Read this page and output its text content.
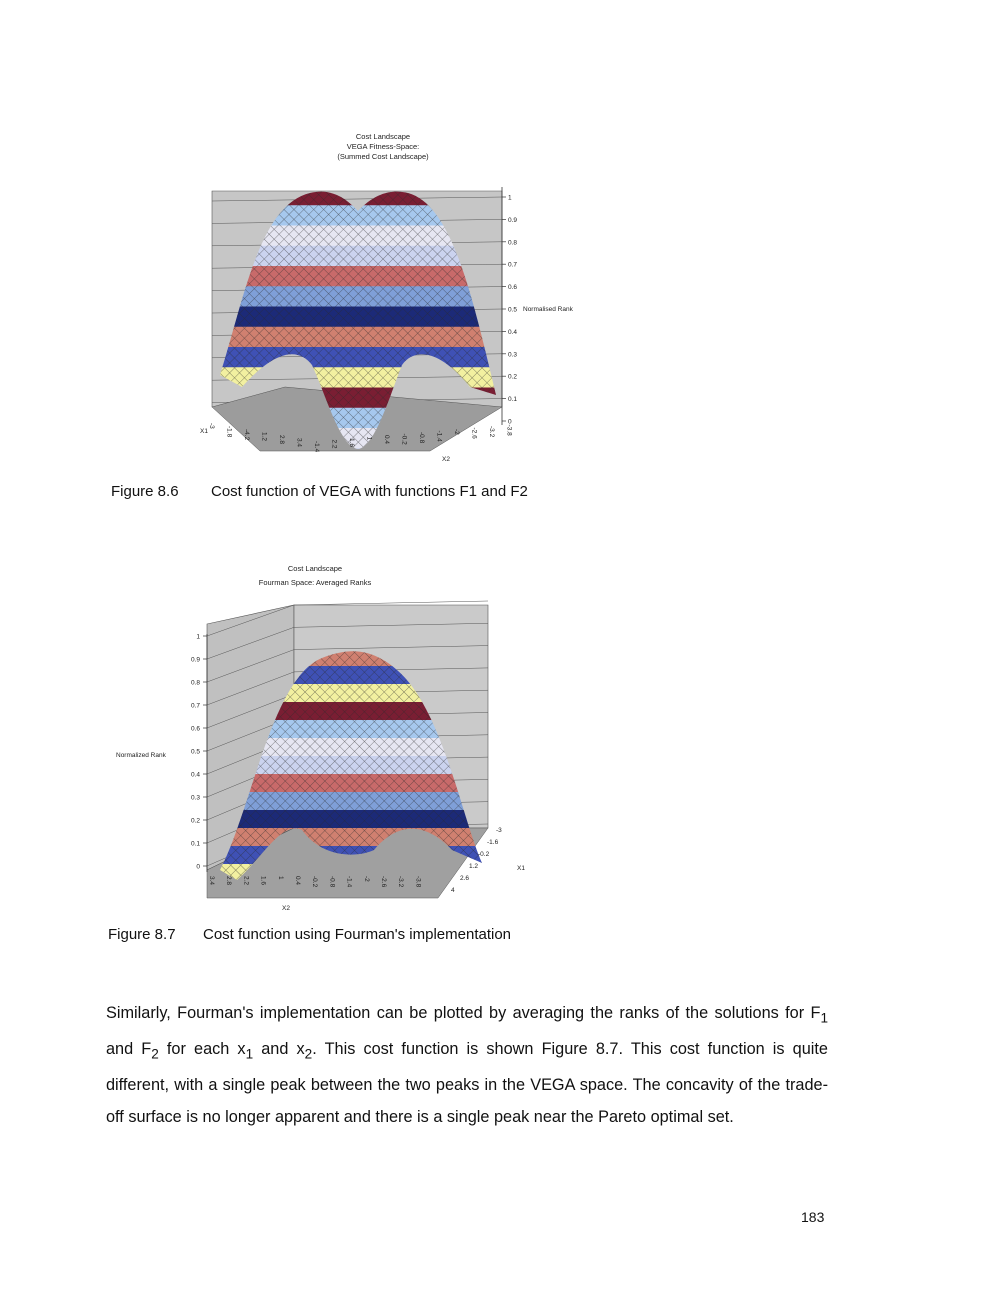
Cost Landscape
VEGA Fitness-Space:
(Summed Cost Landscape)
1
0.9
0.8
0.7
0.6
0.5
0.4
0.3
0.2
0.1
0
Normalised Rank
-3
-1.8 -4.2 1.2 2.8 3.4 -1.4 2.2 1.6 1 0.4 -0.2 -0.8 -1.4 -2 -2.6 -3.2 -3.8
X2
X1
Figure 8.6 Cost function of VEGA with functions F1 and F2
Cost Landscape
Fourman Space: Averaged Ranks
1
0.9
0.8
0.7
0.6
0.5
0.4
0.3
0.2
0.1
0
Normalized Rank
3.4 2.8 2.2 1.6 1 0.4 -0.2 -0.8 -1.4 -2 -2.6 -3.2 -3.8
-3
-1.6
-0.2
1.2
2.6
4
X2
X1
Figure 8.7 Cost function using Fourman's implementation

Similarly, Fourman's implementation can be plotted by averaging the ranks of the solutions for $F_1$ and $F_2$ for each $x_1$ and $x_2$. This cost function is shown Figure 8.7. This cost function is quite different, with a single peak between the two peaks in the VEGA space. The concavity of the trade-off surface is no longer apparent and there is a single peak near the Pareto optimal set.

183
